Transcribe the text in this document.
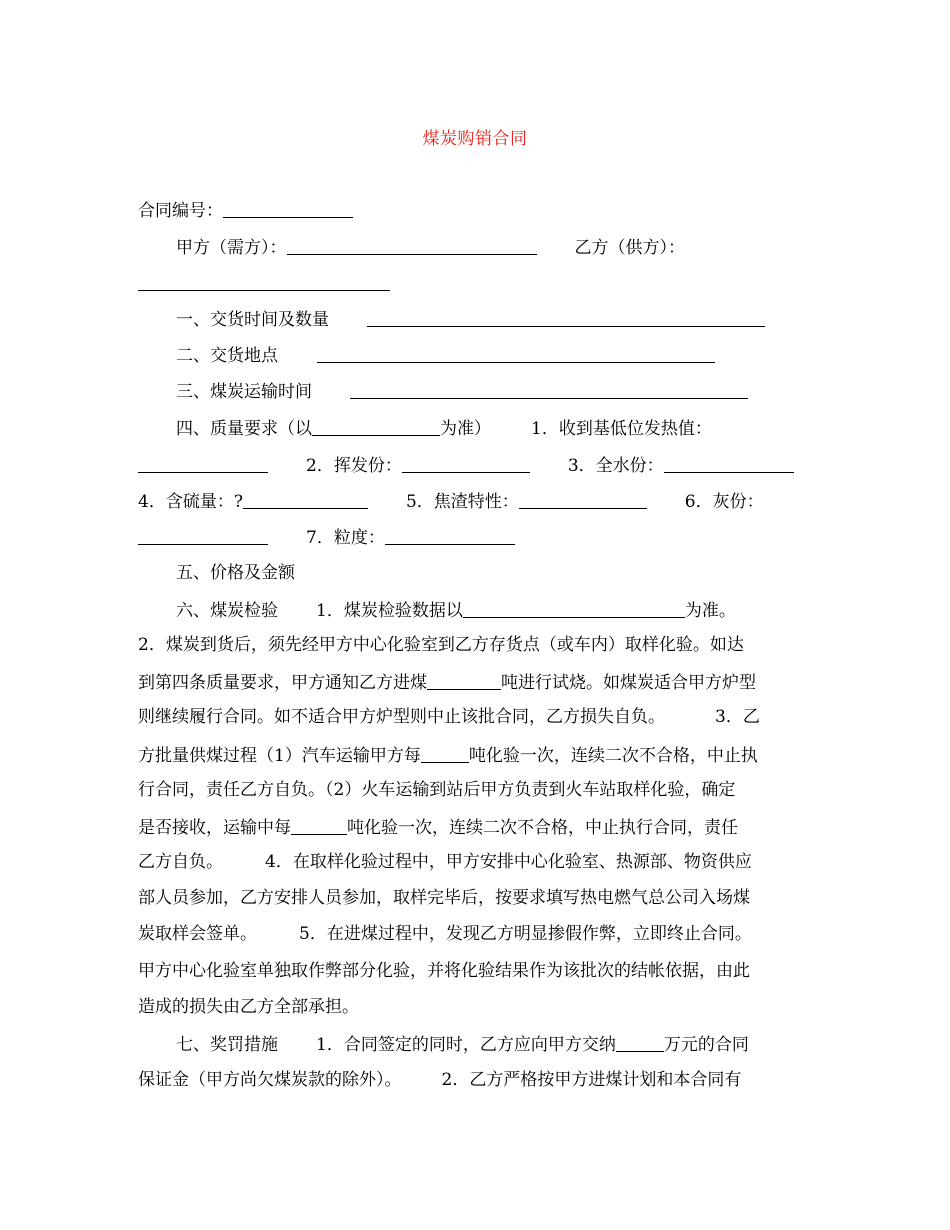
煤炭购销合同
合同编号：
甲方（需方）：	乙方（供方）：
一、交货时间及数量
二、交货地点
三、煤炭运输时间
四、质量要求（以	为准） 1．收到基低位发热值：
2．挥发份：	3．全水份：
4．含硫量：?	5．焦渣特性：	6．灰份：
7．粒度：
五、价格及金额
六、煤炭检验 1．煤炭检验数据以	为准。
2．煤炭到货后，须先经甲方中心化验室到乙方存货点（或车内）取样化验。如达
到第四条质量要求，甲方通知乙方进煤	吨进行试烧。如煤炭适合甲方炉型
则继续履行合同。如不适合甲方炉型则中止该批合同，乙方损失自负。	3．乙
方批量供煤过程（1）汽车运输甲方每	吨化验一次，连续二次不合格，中止执
行合同，责任乙方自负。（2）火车运输到站后甲方负责到火车站取样化验，确定
是否接收，运输中每	吨化验一次，连续二次不合格，中止执行合同，责任
乙方自负。 4．在取样化验过程中，甲方安排中心化验室、热源部、物资供应
部人员参加，乙方安排人员参加，取样完毕后，按要求填写热电燃气总公司入场煤
炭取样会签单。 5．在进煤过程中，发现乙方明显掺假作弊，立即终止合同。
甲方中心化验室单独取作弊部分化验，并将化验结果作为该批次的结帐依据，由此
造成的损失由乙方全部承担。
七、奖罚措施 1．合同签定的同时，乙方应向甲方交纳	万元的合同
保证金（甲方尚欠煤炭款的除外）。 2．乙方严格按甲方进煤计划和本合同有
